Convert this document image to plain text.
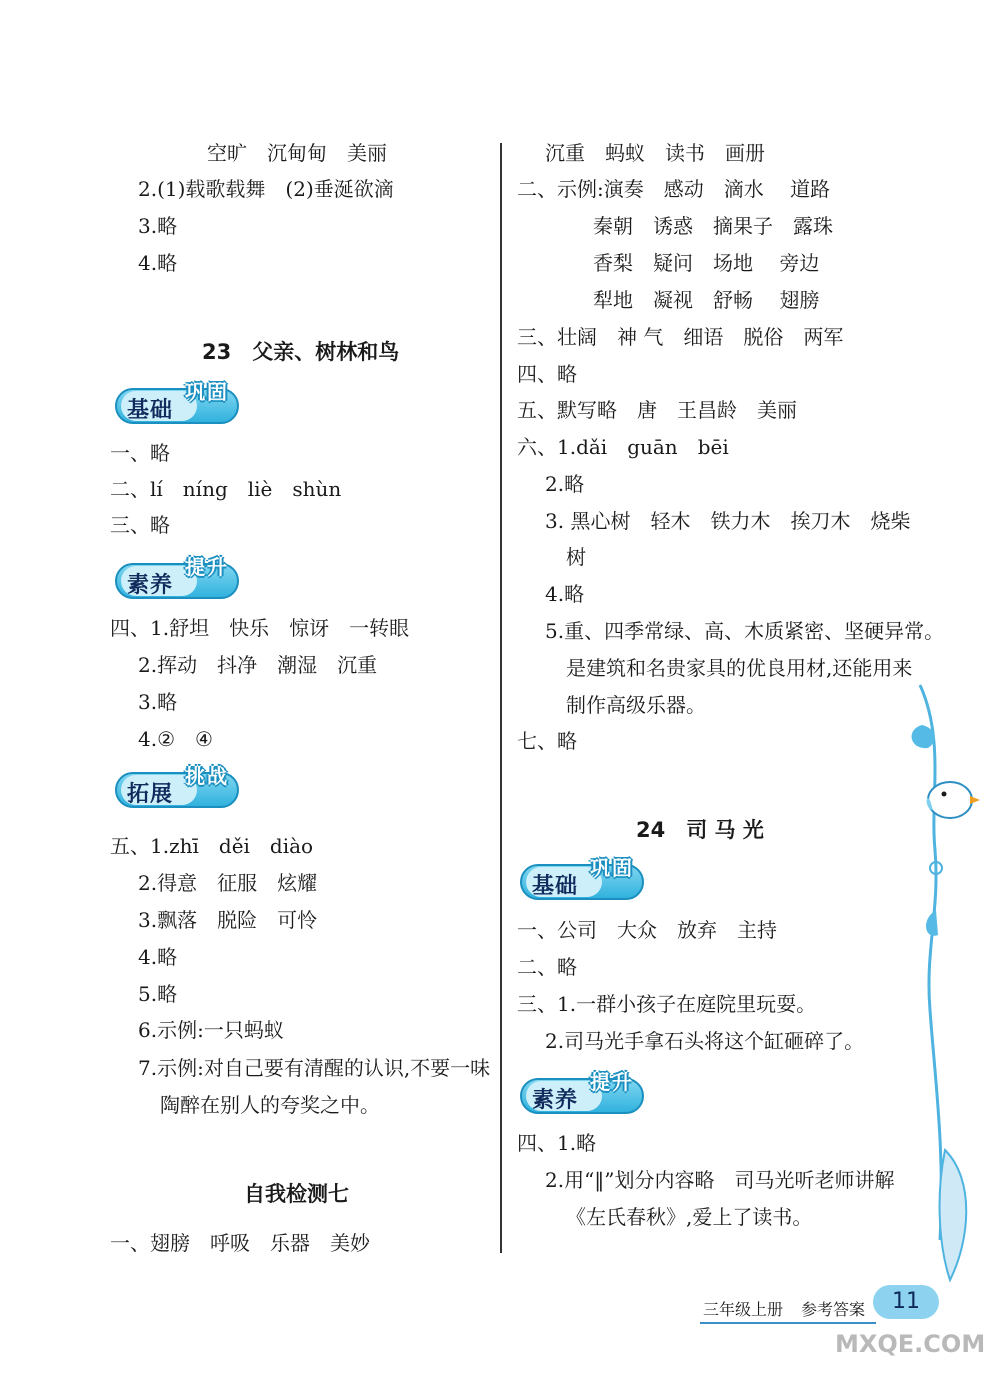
空旷　沉甸甸　美丽
2.(1)载歌载舞　(2)垂涎欲滴
3.略
4.略
23　父亲、树林和鸟
基础
巩固
一、略
二、lí　níng　liè　shùn
三、略
素养
提升
四、1.舒坦　快乐　惊讶　一转眼
2.挥动　抖净　潮湿　沉重
3.略
4.②　④
拓展
挑战
五、1.zhī　děi　diào
2.得意　征服　炫耀
3.飘落　脱险　可怜
4.略
5.略
6.示例:一只蚂蚁
7.示例:对自己要有清醒的认识,不要一味
陶醉在别人的夸奖之中。
自我检测七
一、翅膀　呼吸　乐器　美妙
沉重　蚂蚁　读书　画册
二、示例:演奏　感动　滴水　 道路
秦朝　诱惑　摘果子　露珠
香梨　疑问　场地　 旁边
犁地　凝视　舒畅　 翅膀
三、壮阔　神 气　细语　脱俗　两军
四、略
五、默写略　唐　王昌龄　美丽
六、1.dǎi　guān　bēi
2.略
3. 黑心树　轻木　铁力木　挨刀木　烧柴
树
4.略
5.重、四季常绿、高、木质紧密、坚硬异常。
是建筑和名贵家具的优良用材,还能用来
制作高级乐器。
七、略
24　司 马 光
基础
巩固
一、公司　大众　放弃　主持
二、略
三、1.一群小孩子在庭院里玩耍。
2.司马光手拿石头将这个缸砸碎了。
素养
提升
四、1.略
2.用“‖”划分内容略　司马光听老师讲解
《左氏春秋》,爱上了读书。
三年级上册 参考答案	11
MXQE.COM
